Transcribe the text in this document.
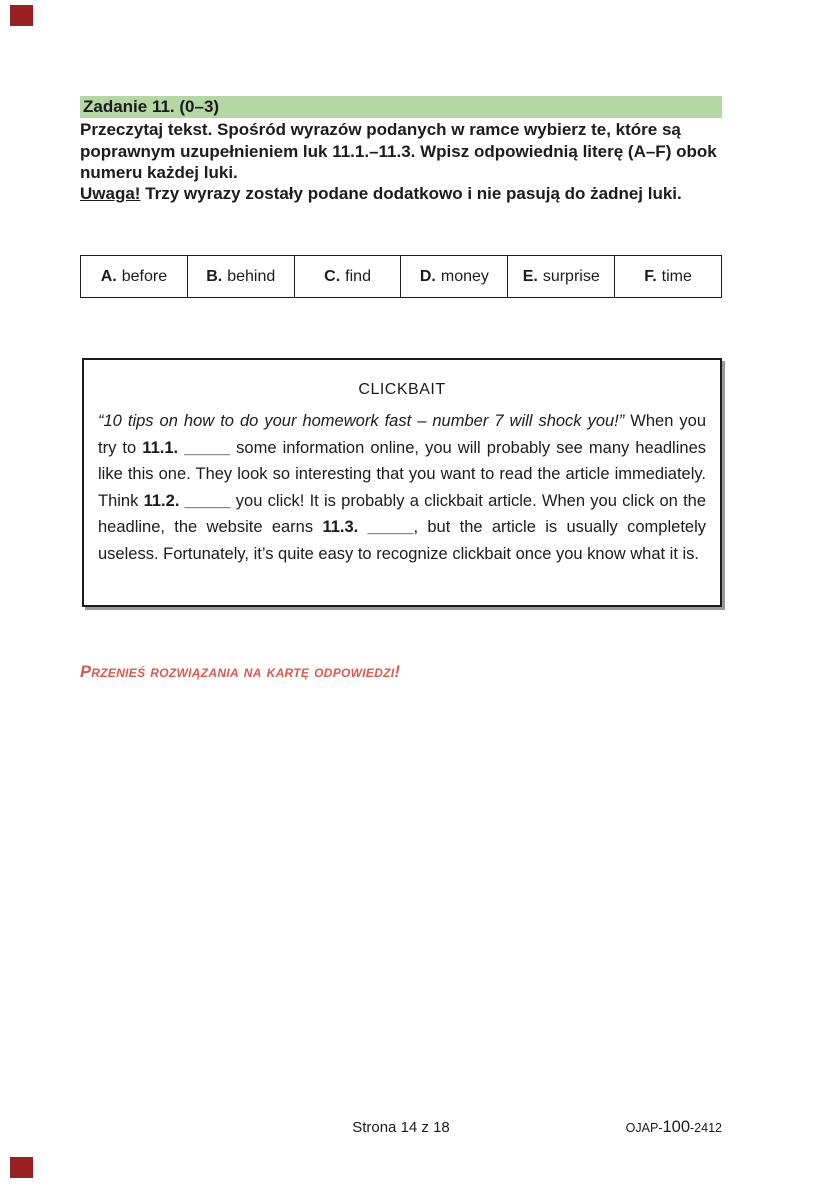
Zadanie 11. (0–3)
Przeczytaj tekst. Spośród wyrazów podanych w ramce wybierz te, które są
poprawnym uzupełnieniem luk 11.1.–11.3. Wpisz odpowiednią literę (A–F) obok
numeru każdej luki.
Uwaga! Trzy wyrazy zostały podane dodatkowo i nie pasują do żadnej luki.
A. before B. behind	C. find	D. money E. surprise	F. time
CLICKBAIT
“10 tips on how to do your homework fast – number 7 will shock you!” When you try to 11.1. _____ some information online, you will probably see many headlines like this one. They look so interesting that you want to read the article immediately. Think 11.2. _____ you click! It is probably a clickbait article. When you click on the headline, the website earns 11.3. _____, but the article is usually completely useless. Fortunately, it’s quite easy to recognize clickbait once you know what it is.
Przenieś rozwiązania na kartę odpowiedzi!
Strona 14 z 18	OJAP-100-2412
